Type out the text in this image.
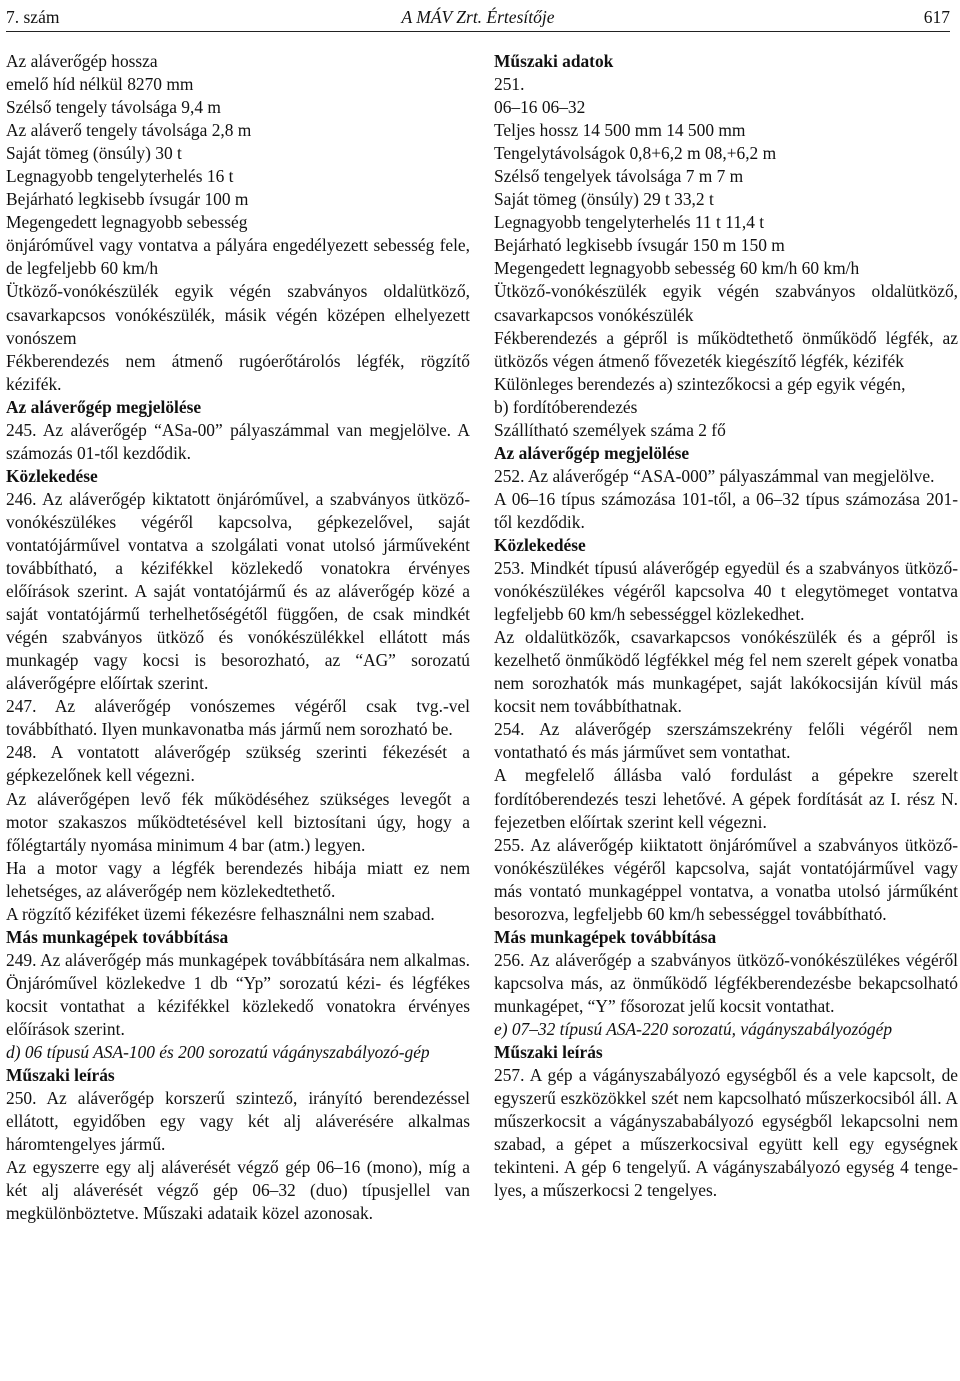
7. szám	A MÁV Zrt. Értesítője	617
Az aláverőgép hossza
emelő híd nélkül 8270 mm
Szélső tengely távolsága 9,4 m
Az aláverő tengely távolsága 2,8 m
Saját tömeg (önsúly) 30 t
Legnagyobb tengelyterhelés 16 t
Bejárható legkisebb ívsugár 100 m
Megengedett legnagyobb sebesség
önjáróművel vagy vontatva a pályára engedélyezett sebesség fele, de legfeljebb 60 km/h
Ütköző-vonókészülék egyik végén szabványos oldalütköző, csavarkapcsos vonókészülék, másik végén középen elhelyezett vonószem
Fékberendezés nem átmenő rugóerőtárolós légfék, rögzítő kézifék.
Az aláverőgép megjelölése
245. Az aláverőgép “ASa-00” pályaszámmal van megjelölve. A számozás 01-től kezdődik.
Közlekedése
246. Az aláverőgép kiktatott önjáróművel, a szabványos ütköző-vonókészülékes végéről kapcsolva, gépkezelővel, saját vontatójárművel vontatva a szolgálati vonat utolsó járműveként továbbítható, a kézifékkel közlekedő vonatokra érvényes előírások szerint. A saját vontatójármű és az aláverőgép közé a saját vontatójármű terhelhetőségétől függően, de csak mindkét végén szabványos ütköző és vonókészülékkel ellátott más munkagép vagy kocsi is besorozható, az “AG” sorozatú aláverőgépre előírtak szerint.
247. Az aláverőgép vonószemes végéről csak tvg.-vel továbbítható. Ilyen munkavonatba más jármű nem sorozható be.
248. A vontatott aláverőgép szükség szerinti fékezését a gépkezelőnek kell végezni.
Az aláverőgépen levő fék működéséhez szükséges levegőt a motor szakaszos működtetésével kell biztosítani úgy, hogy a főlégtartály nyomása minimum 4 bar (atm.) legyen.
Ha a motor vagy a légfék berendezés hibája miatt ez nem lehetséges, az aláverőgép nem közlekedtethető.
A rögzítő kéziféket üzemi fékezésre felhasználni nem szabad.
Más munkagépek továbbítása
249. Az aláverőgép más munkagépek továbbítására nem alkalmas. Önjáróművel közlekedve 1 db “Yp” sorozatú kézi- és légfékes kocsit vontathat a kézifékkel közlekedő vonatokra érvényes előírások szerint.
d) 06 típusú ASA-100 és 200 sorozatú vágányszabályozó-gép
Műszaki leírás
250. Az aláverőgép korszerű szintező, irányító berendezéssel ellátott, egyidőben egy vagy két alj aláverésére alkalmas háromtengelyes jármű.
Az egyszerre egy alj aláverését végző gép 06–16 (mono), míg a két alj aláverését végző gép 06–32 (duo) típusjellel van megkülönböztetve. Műszaki adataik közel azonosak.
Műszaki adatok
251.
06–16 06–32
Teljes hossz 14 500 mm 14 500 mm
Tengelytávolságok 0,8+6,2 m 08,+6,2 m
Szélső tengelyek távolsága 7 m 7 m
Saját tömeg (önsúly) 29 t 33,2 t
Legnagyobb tengelyterhelés 11 t 11,4 t
Bejárható legkisebb ívsugár 150 m 150 m
Megengedett legnagyobb sebesség 60 km/h 60 km/h
Ütköző-vonókészülék egyik végén szabványos oldalütköző, csavarkapcsos vonókészülék
Fékberendezés a gépről is működtethető önműködő légfék, az ütközős végen átmenő fővezeték kiegészítő légfék, kézifék
Különleges berendezés a) szintezőkocsi a gép egyik végén,
b) fordítóberendezés
Szállítható személyek száma 2 fő
Az aláverőgép megjelölése
252. Az aláverőgép “ASA-000” pályaszámmal van megjelölve.
A 06–16 típus számozása 101-től, a 06–32 típus számozása 201-től kezdődik.
Közlekedése
253. Mindkét típusú aláverőgép egyedül és a szabványos ütköző-vonókészülékes végéről kapcsolva 40 t elegytömeget vontatva legfeljebb 60 km/h sebességgel közlekedhet.
Az oldalütközők, csavarkapcsos vonókészülék és a gépről is kezelhető önműködő légfékkel még fel nem szerelt gépek vonatba nem sorozhatók más munkagépet, saját lakókocsiján kívül más kocsit nem továbbíthatnak.
254. Az aláverőgép szerszámszekrény felőli végéről nem vontatható és más járművet sem vontathat.
A megfelelő állásba való fordulást a gépekre szerelt fordítóberendezés teszi lehetővé. A gépek fordítását az I. rész N. fejezetben előírtak szerint kell végezni.
255. Az aláverőgép kiiktatott önjáróművel a szabványos ütköző-vonókészülékes végéről kapcsolva, saját vontatójárművel vagy más vontató munkagéppel vontatva, a vonatba utolsó járműként besorozva, legfeljebb 60 km/h sebességgel továbbítható.
Más munkagépek továbbítása
256. Az aláverőgép a szabványos ütköző-vonókészülékes végéről kapcsolva más, az önműködő légfékberendezésbe bekapcsolható munkagépet, “Y” fősorozat jelű kocsit vontathat.
e) 07–32 típusú ASA-220 sorozatú, vágányszabályozógép
Műszaki leírás
257. A gép a vágányszabályozó egységből és a vele kapcsolt, de egyszerű eszközökkel szét nem kapcsolható műszerkocsiból áll. A műszerkocsit a vágányszababályozó egységből lekapcsolni nem szabad, a gépet a műszerkocsival együtt kell egy egységnek tekinteni. A gép 6 tengelyű. A vágányszabályozó egység 4 tengelyes, a műszerkocsi 2 tengelyes.
